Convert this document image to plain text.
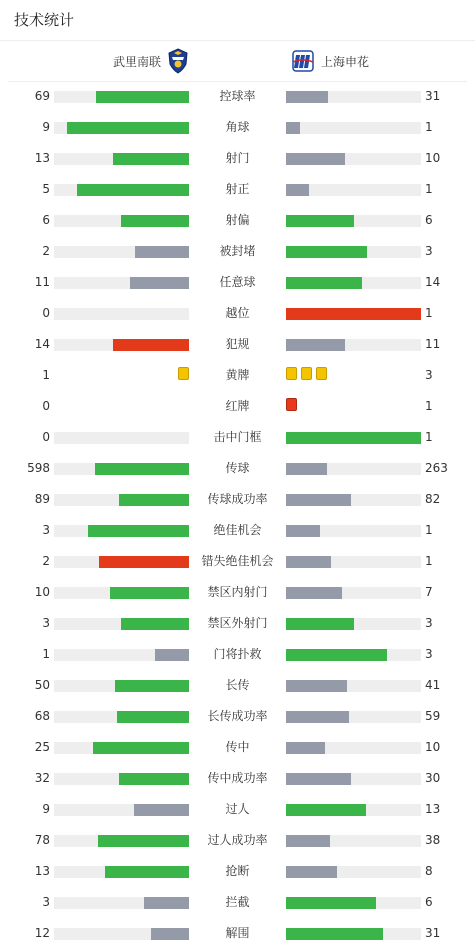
技术统计
武里南联	上海申花
69	控球率	31
9	角球	1
13	射门	10
5	射正	1
6	射偏	6
2	被封堵	3
11	任意球	14
0	越位	1
14	犯规	11
1	黄牌	3
0	红牌	1
0	击中门框	1
598	传球	263
89	传球成功率	82
3	绝佳机会	1
2	错失绝佳机会	1
10	禁区内射门	7
3	禁区外射门	3
1	门将扑救	3
50	长传	41
68	长传成功率	59
25	传中	10
32	传中成功率	30
9	过人	13
78	过人成功率	38
13	抢断	8
3	拦截	6
12	解围	31
